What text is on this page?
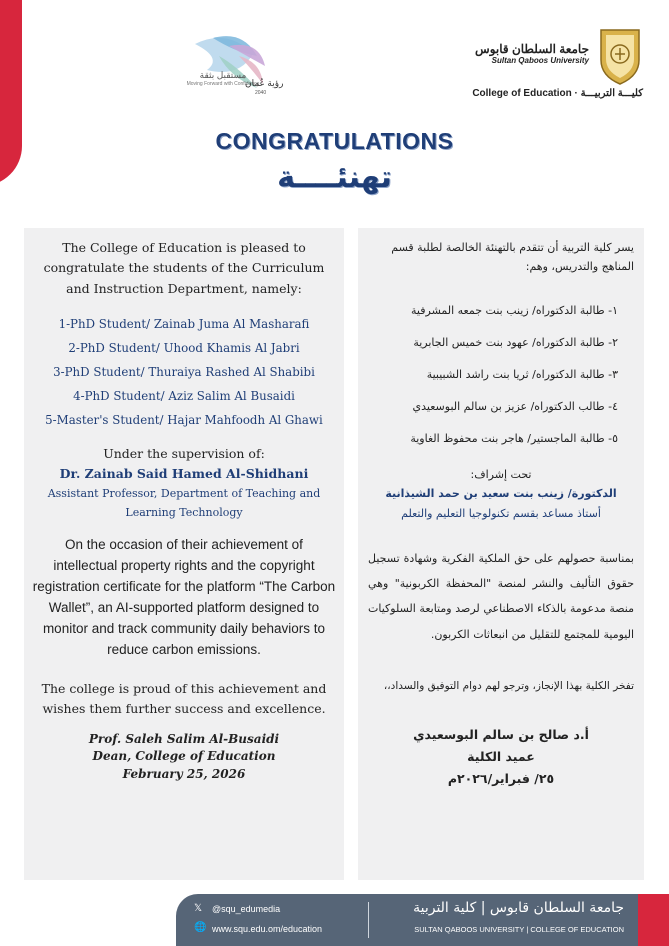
مستقبل بثقة
Moving Forward with Confidence
رؤية عُمان
2040
جامعة السلطان قابوس
Sultan Qaboos University
College of Education · كليـــة التربيـــة
CONGRATULATIONS
تهنئــــة
The College of Education is pleased to congratulate the students of the Curriculum and Instruction Department, namely:
1-PhD Student/ Zainab Juma Al Masharafi
2-PhD Student/ Uhood Khamis Al Jabri
3-PhD Student/ Thuraiya Rashed Al Shabibi
4-PhD Student/ Aziz Salim Al Busaidi
5-Master's Student/ Hajar Mahfoodh Al Ghawi
Under the supervision of:
Dr. Zainab Said Hamed Al-Shidhani
Assistant Professor, Department of Teaching and Learning Technology
On the occasion of their achievement of intellectual property rights and the copyright registration certificate for the platform “The Carbon Wallet”, an AI-supported platform designed to monitor and track community daily behaviors to reduce carbon emissions.
The college is proud of this achievement and wishes them further success and excellence.
Prof. Saleh Salim Al-Busaidi
Dean, College of Education
February 25, 2026
يسر كلية التربية أن تتقدم بالتهنئة الخالصة لطلبة قسم المناهج والتدريس، وهم:
١- طالبة الدكتوراه/ زينب بنت جمعه المشرفية
٢- طالبة الدكتوراه/ عهود بنت خميس الجابرية
٣- طالبة الدكتوراه/ ثريا بنت راشد الشبيبية
٤- طالب الدكتوراه/ عزيز بن سالم البوسعيدي
٥- طالبة الماجستير/ هاجر بنت محفوظ الغاوية
تحت إشراف:
الدكتورة/ زينب بنت سعيد بن حمد الشيذانية
أستاذ مساعد بقسم تكنولوجيا التعليم والتعلم
بمناسبة حصولهم على حق الملكية الفكرية وشهادة تسجيل حقوق التأليف والنشر لمنصة "المحفظة الكربونية" وهي منصة مدعومة بالذكاء الاصطناعي لرصد ومتابعة السلوكيات اليومية للمجتمع للتقليل من انبعاثات الكربون.
تفخر الكلية بهذا الإنجاز، وترجو لهم دوام التوفيق والسداد،،
أ.د صالح بن سالم البوسعيدي
عميد الكلية
٢٥/ فبراير/٢٠٢٦م
𝕏 @squ_edumedia
🌐 www.squ.edu.om/education
جامعة السلطان قابوس | كلية التربية
SULTAN QABOOS UNIVERSITY | COLLEGE OF EDUCATION
